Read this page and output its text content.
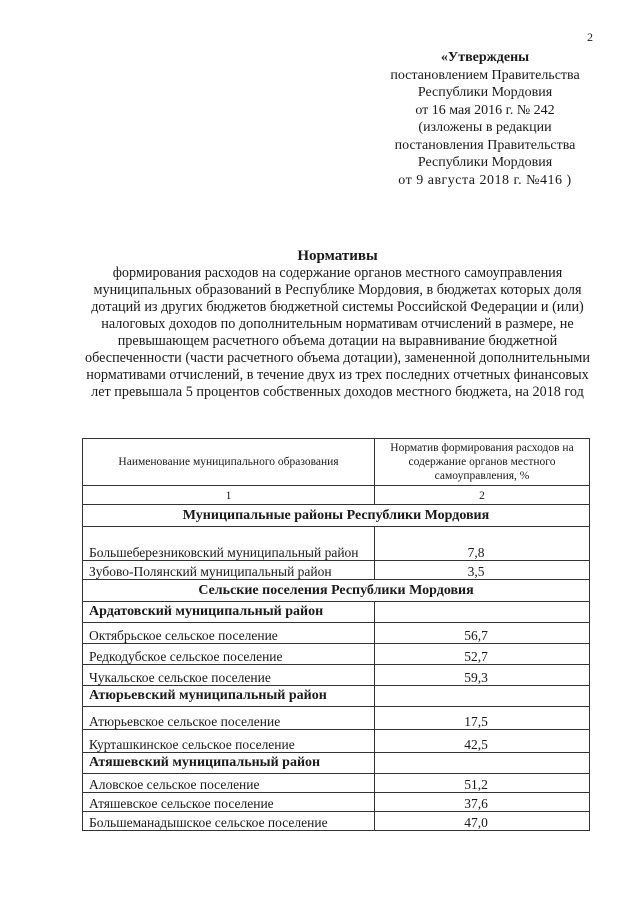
2
«Утверждены
постановлением Правительства
Республики Мордовия
от 16 мая 2016 г. № 242
(изложены в редакции
постановления Правительства
Республики Мордовия
от 9 августа 2018 г. №416 )
Нормативы
формирования расходов на содержание органов местного самоуправления муниципальных образований в Республике Мордовия, в бюджетах которых доля дотаций из других бюджетов бюджетной системы Российской Федерации и (или) налоговых доходов по дополнительным нормативам отчислений в размере, не превышающем расчетного объема дотации на выравнивание бюджетной обеспеченности (части расчетного объема дотации), замененной дополнительными нормативами отчислений, в течение двух из трех последних отчетных финансовых лет превышала 5 процентов собственных доходов местного бюджета, на 2018 год
Наименование муниципального образования	Норматив формирования расходов на содержание органов местного самоуправления, %
1	2
Муниципальные районы Республики Мордовия	
Большеберезниковский муниципальный район	7,8
Зубово-Полянский муниципальный район	3,5
Сельские поселения Республики Мордовия	
Ардатовский муниципальный район	
Октябрьское сельское поселение	56,7
Редкодубское сельское поселение	52,7
Чукальское сельское поселение	59,3
Атюрьевский муниципальный район	
Атюрьевское сельское поселение	17,5
Курташкинское сельское поселение	42,5
Атяшевский муниципальный район	
Аловское сельское поселение	51,2
Атяшевское сельское поселение	37,6
Большеманадышское сельское поселение	47,0
